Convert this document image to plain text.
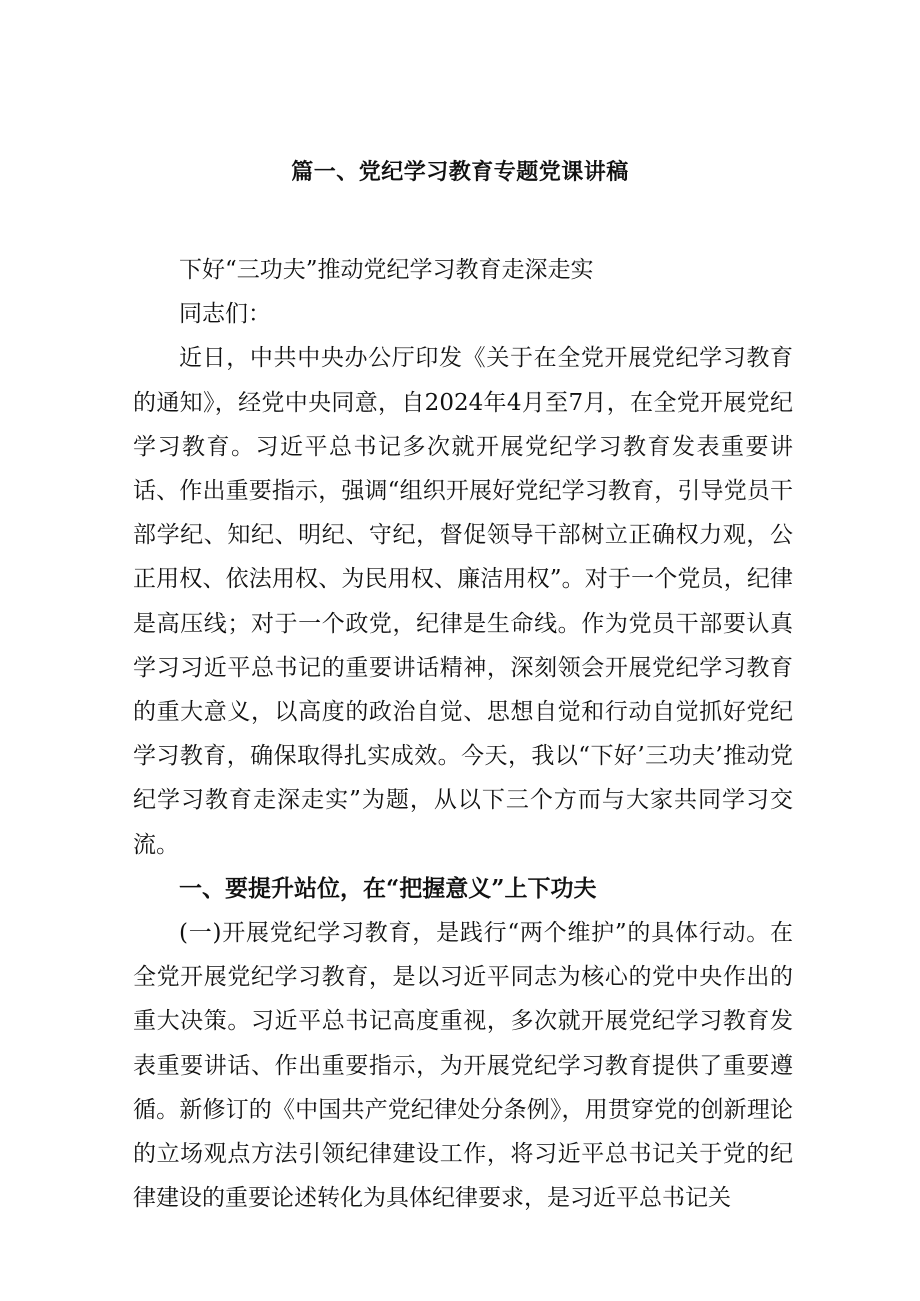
篇一、党纪学习教育专题党课讲稿

下好“三功夫”推动党纪学习教育走深走实

同志们：

近日，中共中央办公厅印发《关于在全党开展党纪学习教育的通知》，经党中央同意，自2024年4月至7月，在全党开展党纪学习教育。习近平总书记多次就开展党纪学习教育发表重要讲话、作出重要指示，强调“组织开展好党纪学习教育，引导党员干部学纪、知纪、明纪、守纪，督促领导干部树立正确权力观，公正用权、依法用权、为民用权、廉洁用权”。对于一个党员，纪律是高压线；对于一个政党，纪律是生命线。作为党员干部要认真学习习近平总书记的重要讲话精神，深刻领会开展党纪学习教育的重大意义，以高度的政治自觉、思想自觉和行动自觉抓好党纪学习教育，确保取得扎实成效。今天，我以“下好’三功夫’推动党纪学习教育走深走实”为题，从以下三个方而与大家共同学习交流。

一、要提升站位，在“把握意义”上下功夫

(一)开展党纪学习教育，是践行“两个维护”的具体行动。在全党开展党纪学习教育，是以习近平同志为核心的党中央作出的重大决策。习近平总书记高度重视，多次就开展党纪学习教育发表重要讲话、作出重要指示，为开展党纪学习教育提供了重要遵循。新修订的《中国共产党纪律处分条例》，用贯穿党的创新理论的立场观点方法引领纪律建设工作，将习近平总书记关于党的纪律建设的重要论述转化为具体纪律要求，是习近平总书记关
